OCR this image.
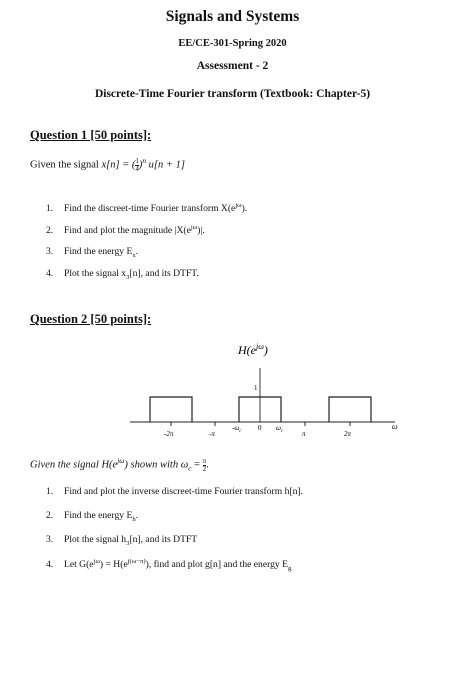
Signals and Systems
EE/CE-301-Spring 2020
Assessment - 2
Discrete-Time Fourier transform (Textbook: Chapter-5)
Question 1 [50 points]:
Given the signal x[n] = ( $\frac{1}{4} )^n$ u[n + 1]
1. Find the discreet-time Fourier transform $X(e^{j\omega})$.
2. Find and plot the magnitude $|X(e^{j\omega})|$.
3. Find the energy $E_x$.
4. Plot the signal $x_3[n]$, and its DTFT.
Question 2 [50 points]:
$H(e^{j\omega})$
1
-2π	-π
$-\omega_c$ 0 $\omega_c$	π	2π
ω
Given the signal $H(e^{j\omega})$ shown with $\omega_c = \frac{\pi}{2}$ .
1. Find and plot the inverse discreet-time Fourier transform h[n].
2. Find the energy $E_h$.
3. Plot the signal $h_3[n]$, and its DTFT
4. Let $G(e^{j\omega}) = H(e^{j(\omega-\pi)})$, find and plot g[n] and the energy $E_g$
